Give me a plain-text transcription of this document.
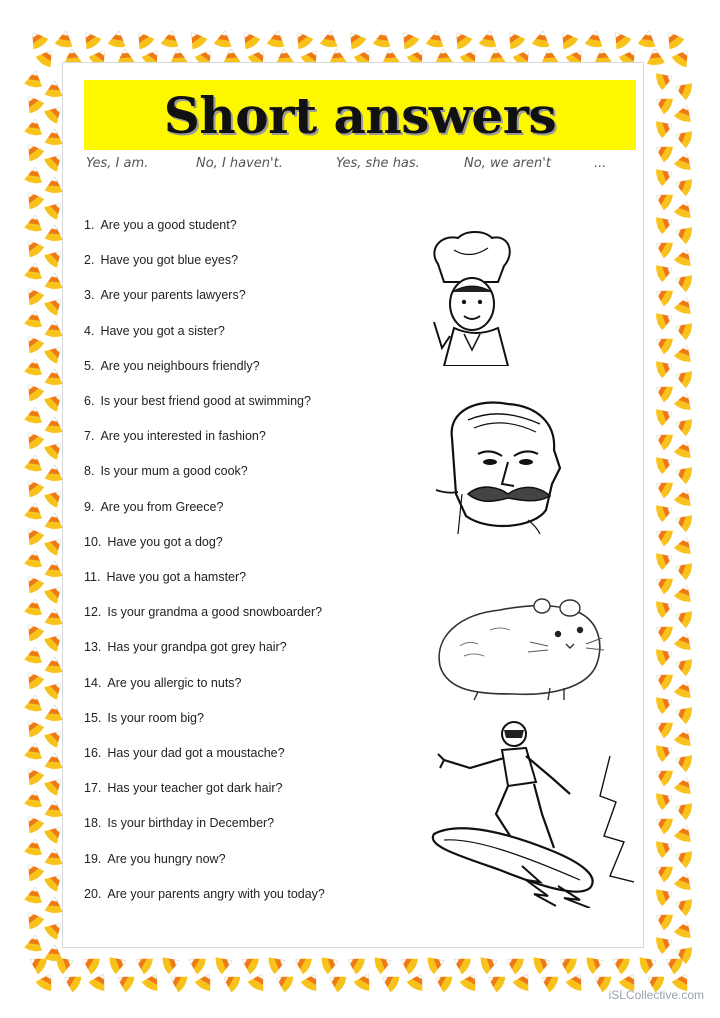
Short answers
Yes, I am.	No, I haven't.	Yes, she has.	No, we aren't	...
1. Are you a good student?
2. Have you got blue eyes?
3. Are your parents lawyers?
4. Have you got a sister?
5. Are you neighbours friendly?
6. Is your best friend good at swimming?
7. Are you interested in fashion?
8. Is your mum a good cook?
9. Are you from Greece?
10. Have you got a dog?
11. Have you got a hamster?
12. Is your grandma a good snowboarder?
13. Has your grandpa got grey hair?
14. Are you allergic to nuts?
15. Is your room big?
16. Has your dad got a moustache?
17. Has your teacher got dark hair?
18. Is your birthday in December?
19. Are you hungry now?
20. Are your parents angry with you today?
iSLCollective.com
